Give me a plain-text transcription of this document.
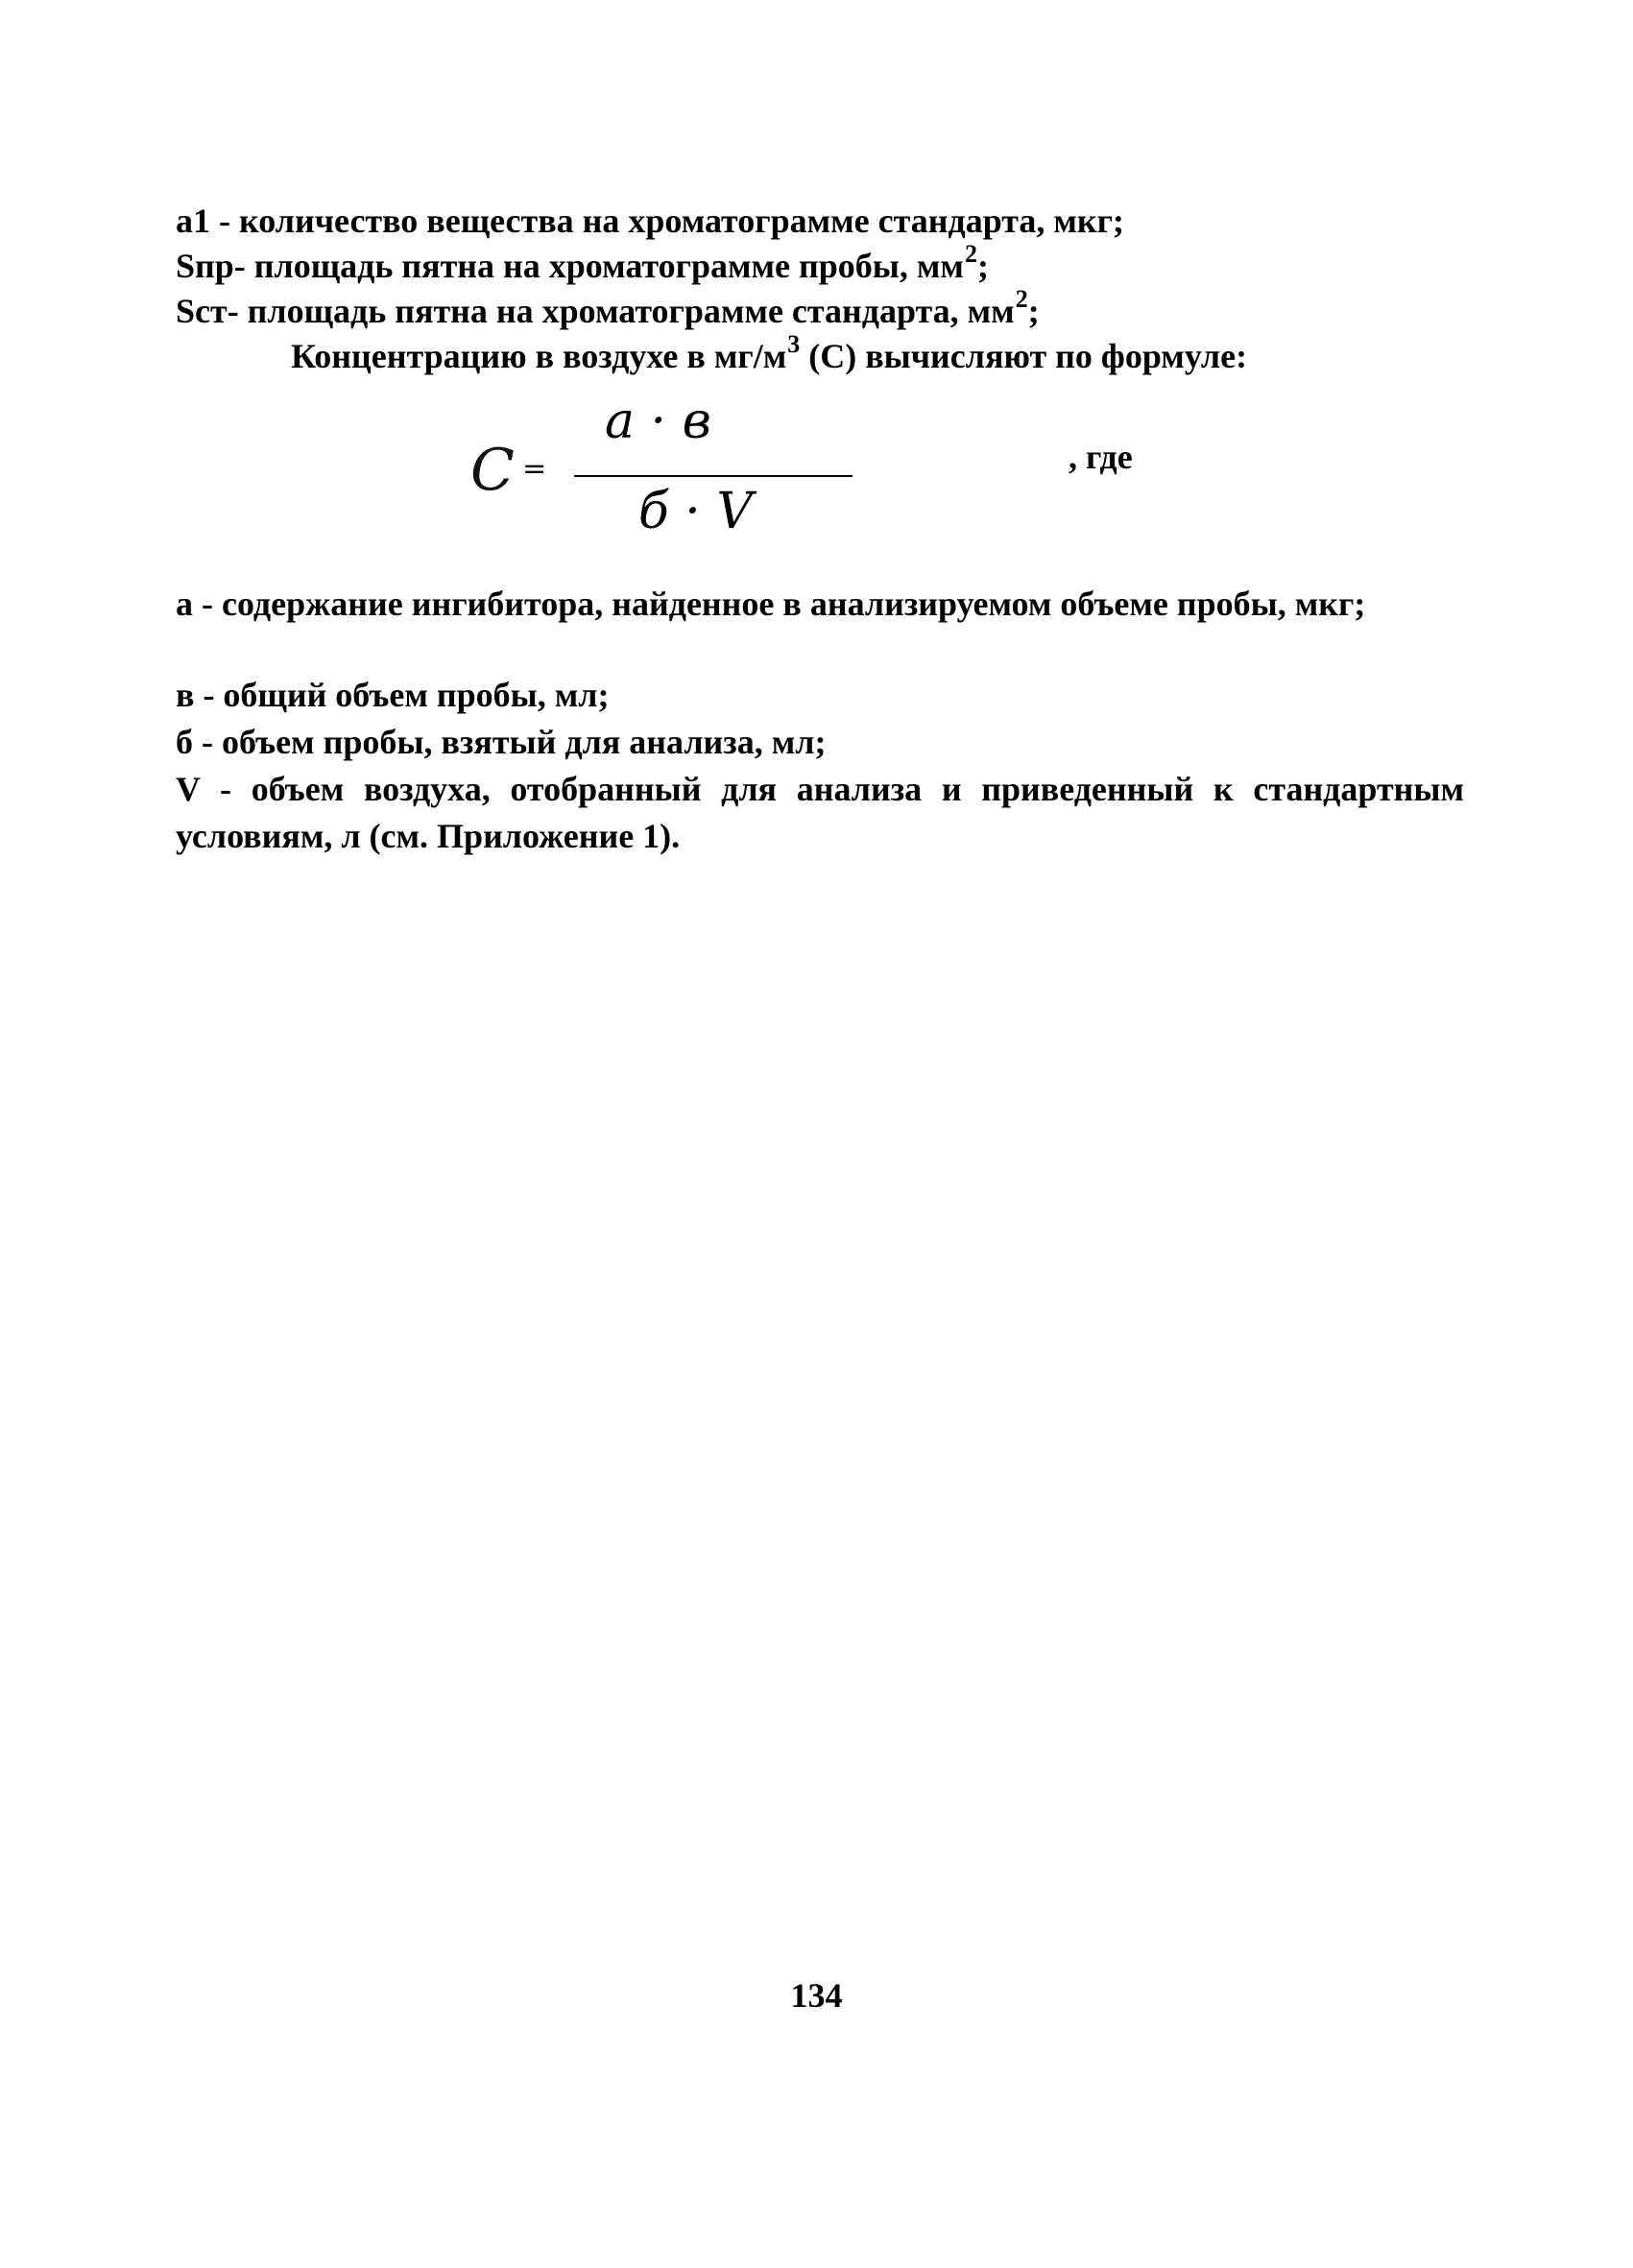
a1 - количество вещества на хроматограмме стандарта, мкг;
Sпр- площадь пятна на хроматограмме пробы, $мм^2$;
Sст- площадь пятна на хроматограмме стандарта, $мм^2$;
Концентрацию в воздухе в $мг/м^3$ (С) вычисляют по формуле:
С =
a · в
б · V
, где
а - содержание ингибитора, найденное в анализируемом объеме пробы, мкг;
в - общий объем пробы, мл;
б - объем пробы, взятый для анализа, мл;
V - объем воздуха, отобранный для анализа и приведенный к стандартным условиям, л (см. Приложение 1).
134
